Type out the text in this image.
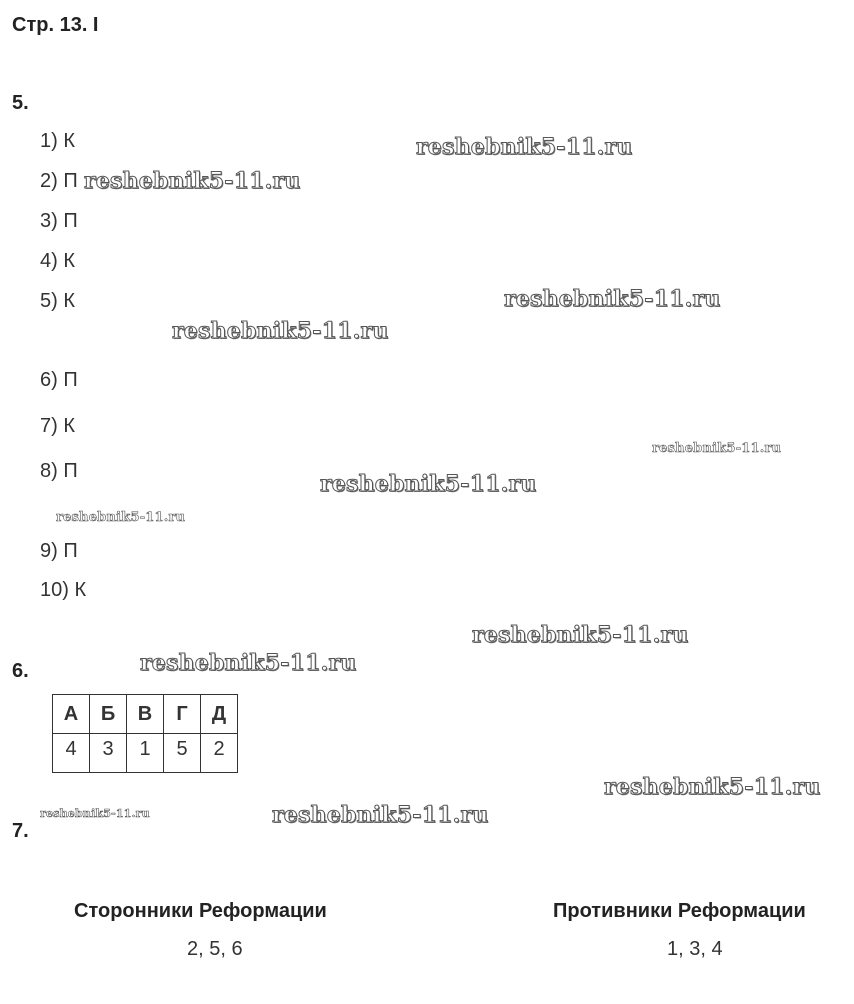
Стр. 13. І
5.
1) К
2) П
3) П
4) К
5) К
6) П
7) К
8) П
9) П
10) К
6.
А	Б	В	Г	Д
4	3	1	5	2
7.
Сторонники Реформации
2, 5, 6
Противники Реформации
1, 3, 4
reshebnik5-11.ru
reshebnik5-11.ru
reshebnik5-11.ru
reshebnik5-11.ru
reshebnik5-11.ru
reshebnik5-11.ru
reshebnik5-11.ru
reshebnik5-11.ru
reshebnik5-11.ru
reshebnik5-11.ru
reshebnik5-11.ru	reshebnik5-11.ru
